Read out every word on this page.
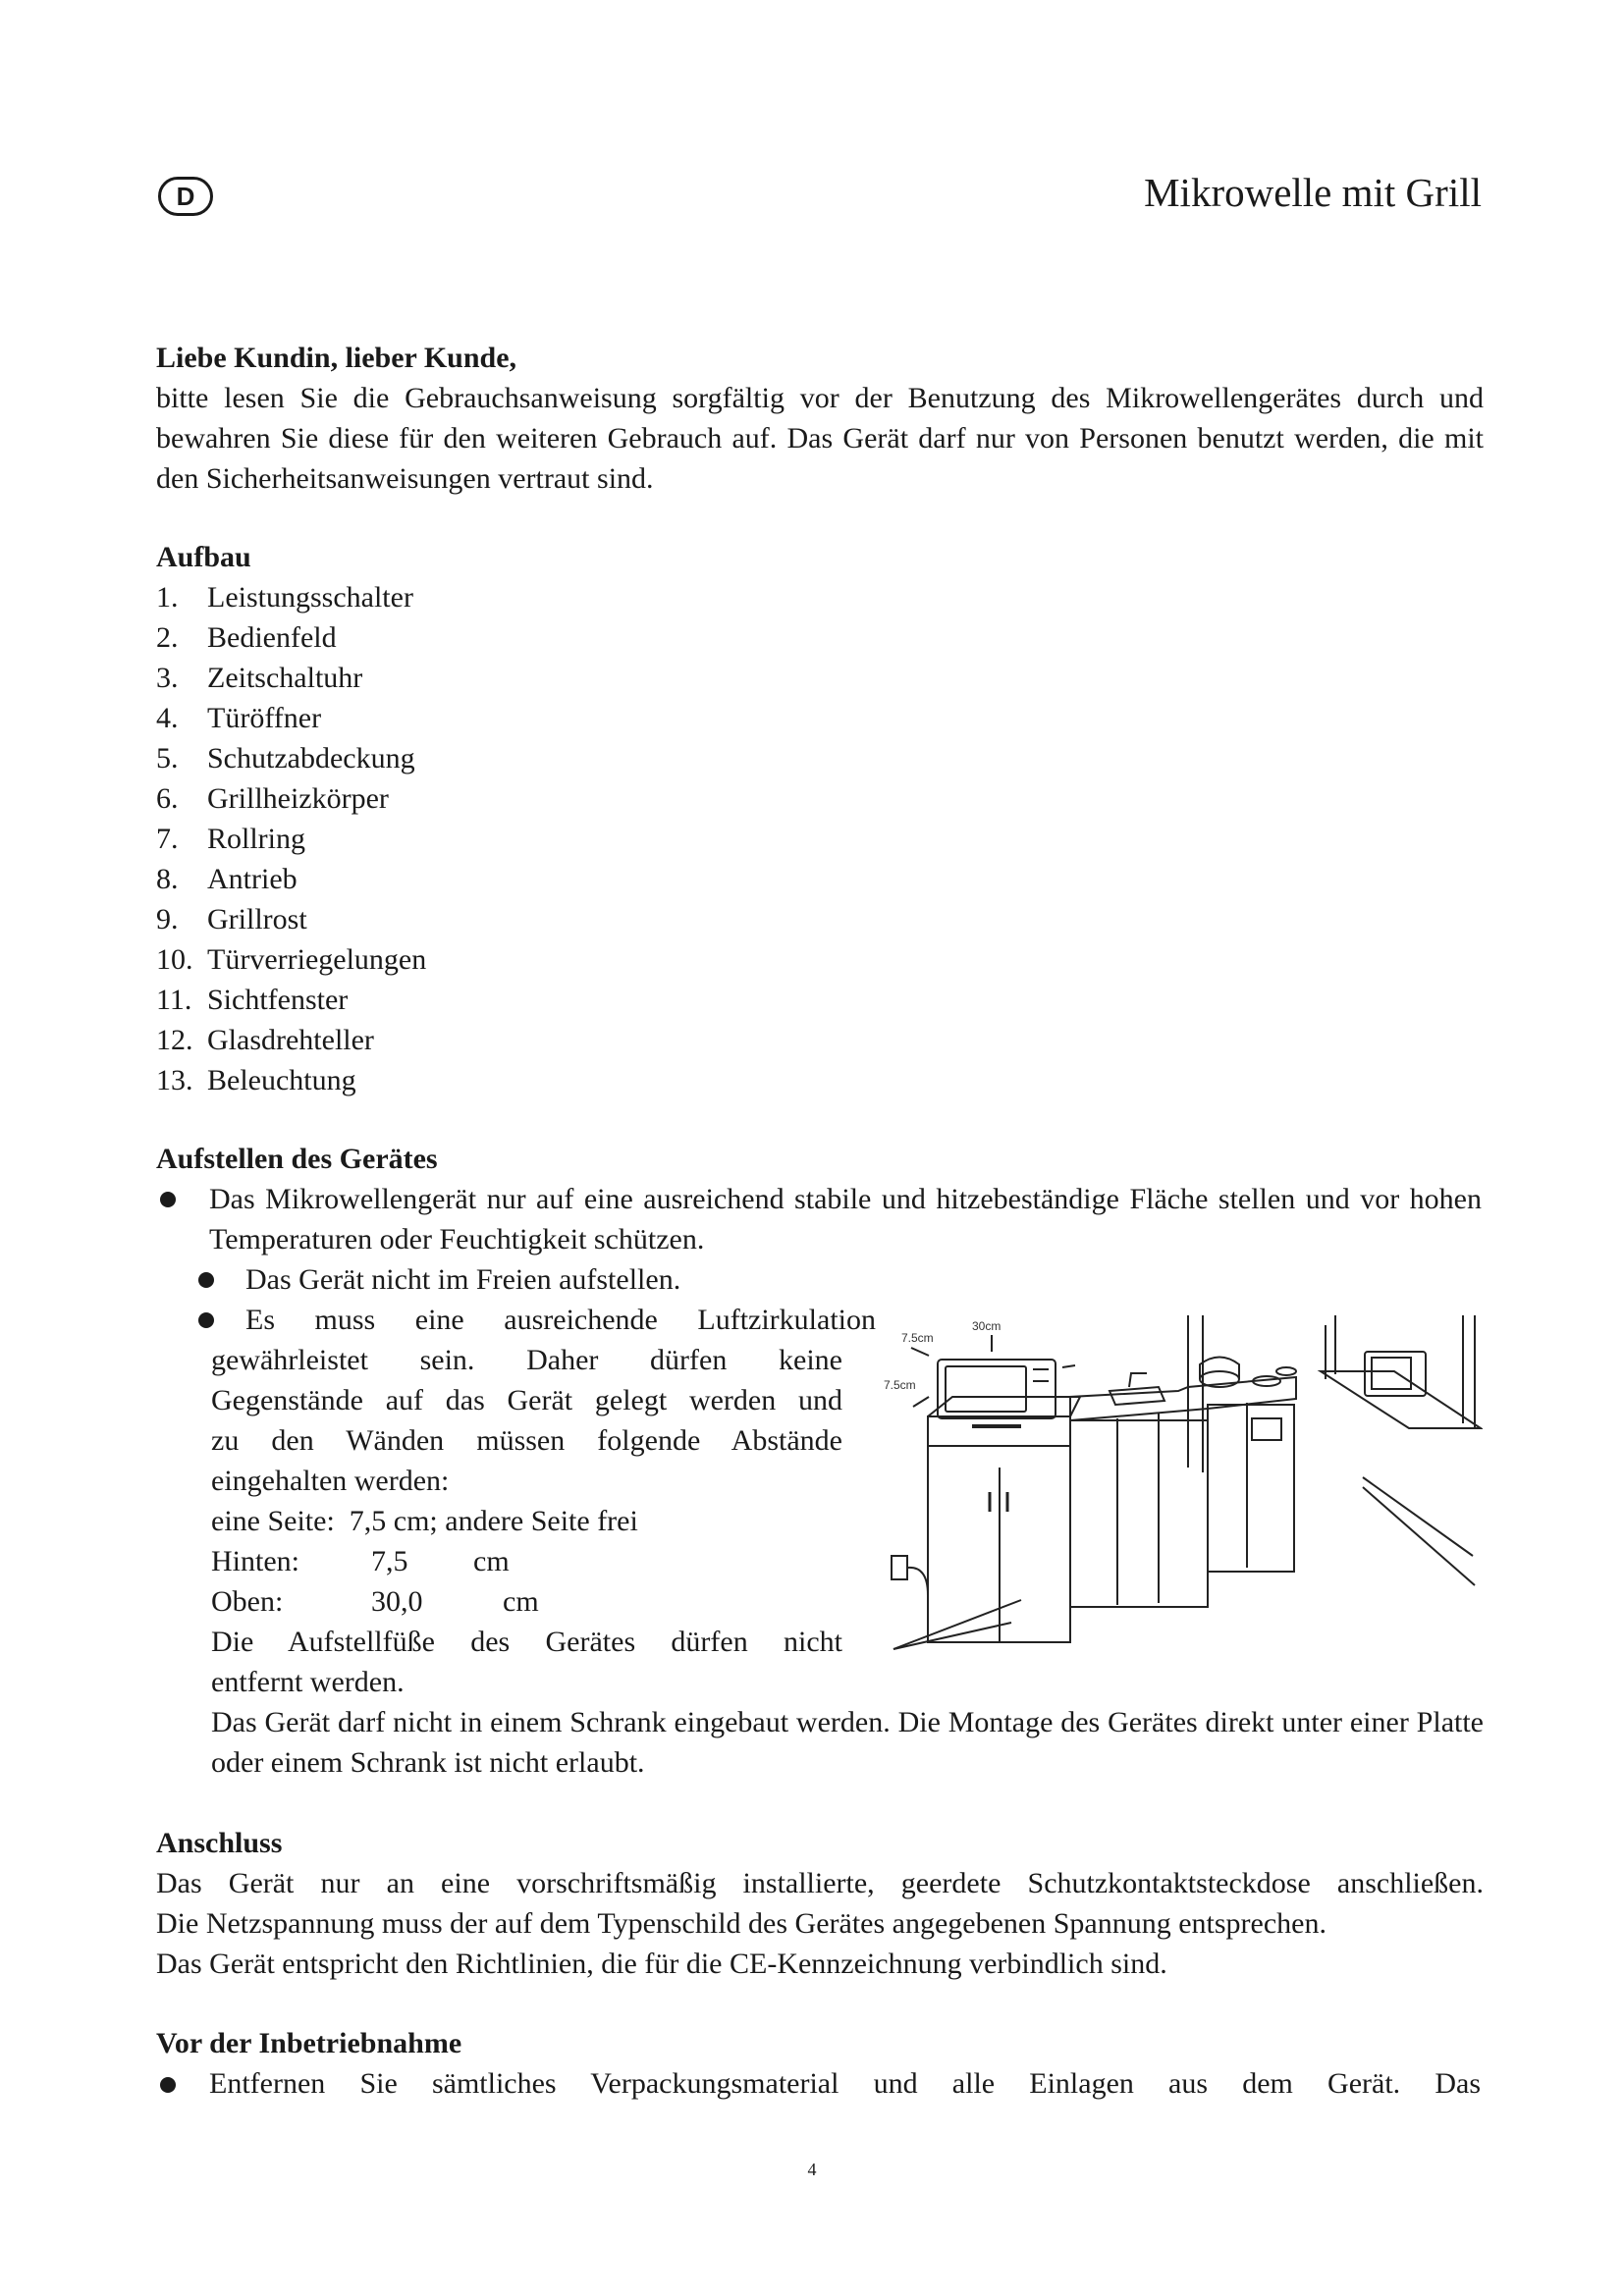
D	Mikrowelle mit Grill
Liebe Kundin, lieber Kunde,
bitte lesen Sie die Gebrauchsanweisung sorgfältig vor der Benutzung des Mikrowellengerätes durch und bewahren Sie diese für den weiteren Gebrauch auf. Das Gerät darf nur von Personen benutzt werden, die mit den Sicherheitsanweisungen vertraut sind.
Aufbau
1. Leistungsschalter
2. Bedienfeld
3. Zeitschaltuhr
4. Türöffner
5. Schutzabdeckung
6. Grillheizkörper
7. Rollring
8. Antrieb
9. Grillrost
10. Türverriegelungen
11. Sichtfenster
12. Glasdrehteller
13. Beleuchtung
Aufstellen des Gerätes
Das Mikrowellengerät nur auf eine ausreichend stabile und hitzebeständige Fläche stellen und vor hohen Temperaturen oder Feuchtigkeit schützen.
Das Gerät nicht im Freien aufstellen.
Es muss eine ausreichende Luftzirkulation
gewährleistet sein. Daher dürfen keine
Gegenstände auf das Gerät gelegt werden und
zu den Wänden müssen folgende Abstände
eingehalten werden:
eine Seite:  7,5 cm; andere Seite frei
Hinten: 7,5 cm
Oben:	30,0	cm
Die Aufstellfüße des Gerätes dürfen nicht
entfernt werden.
Das Gerät darf nicht in einem Schrank eingebaut werden. Die Montage des Gerätes direkt unter einer Platte oder einem Schrank ist nicht erlaubt.
30cm
7.5cm
7.5cm
Anschluss
Das Gerät nur an eine vorschriftsmäßig installierte, geerdete Schutzkontaktsteckdose anschließen.
Die Netzspannung muss der auf dem Typenschild des Gerätes angegebenen Spannung entsprechen.
Das Gerät entspricht den Richtlinien, die für die CE-Kennzeichnung verbindlich sind.
Vor der Inbetriebnahme
Entfernen Sie sämtliches Verpackungsmaterial und alle Einlagen aus dem Gerät. Das
4
